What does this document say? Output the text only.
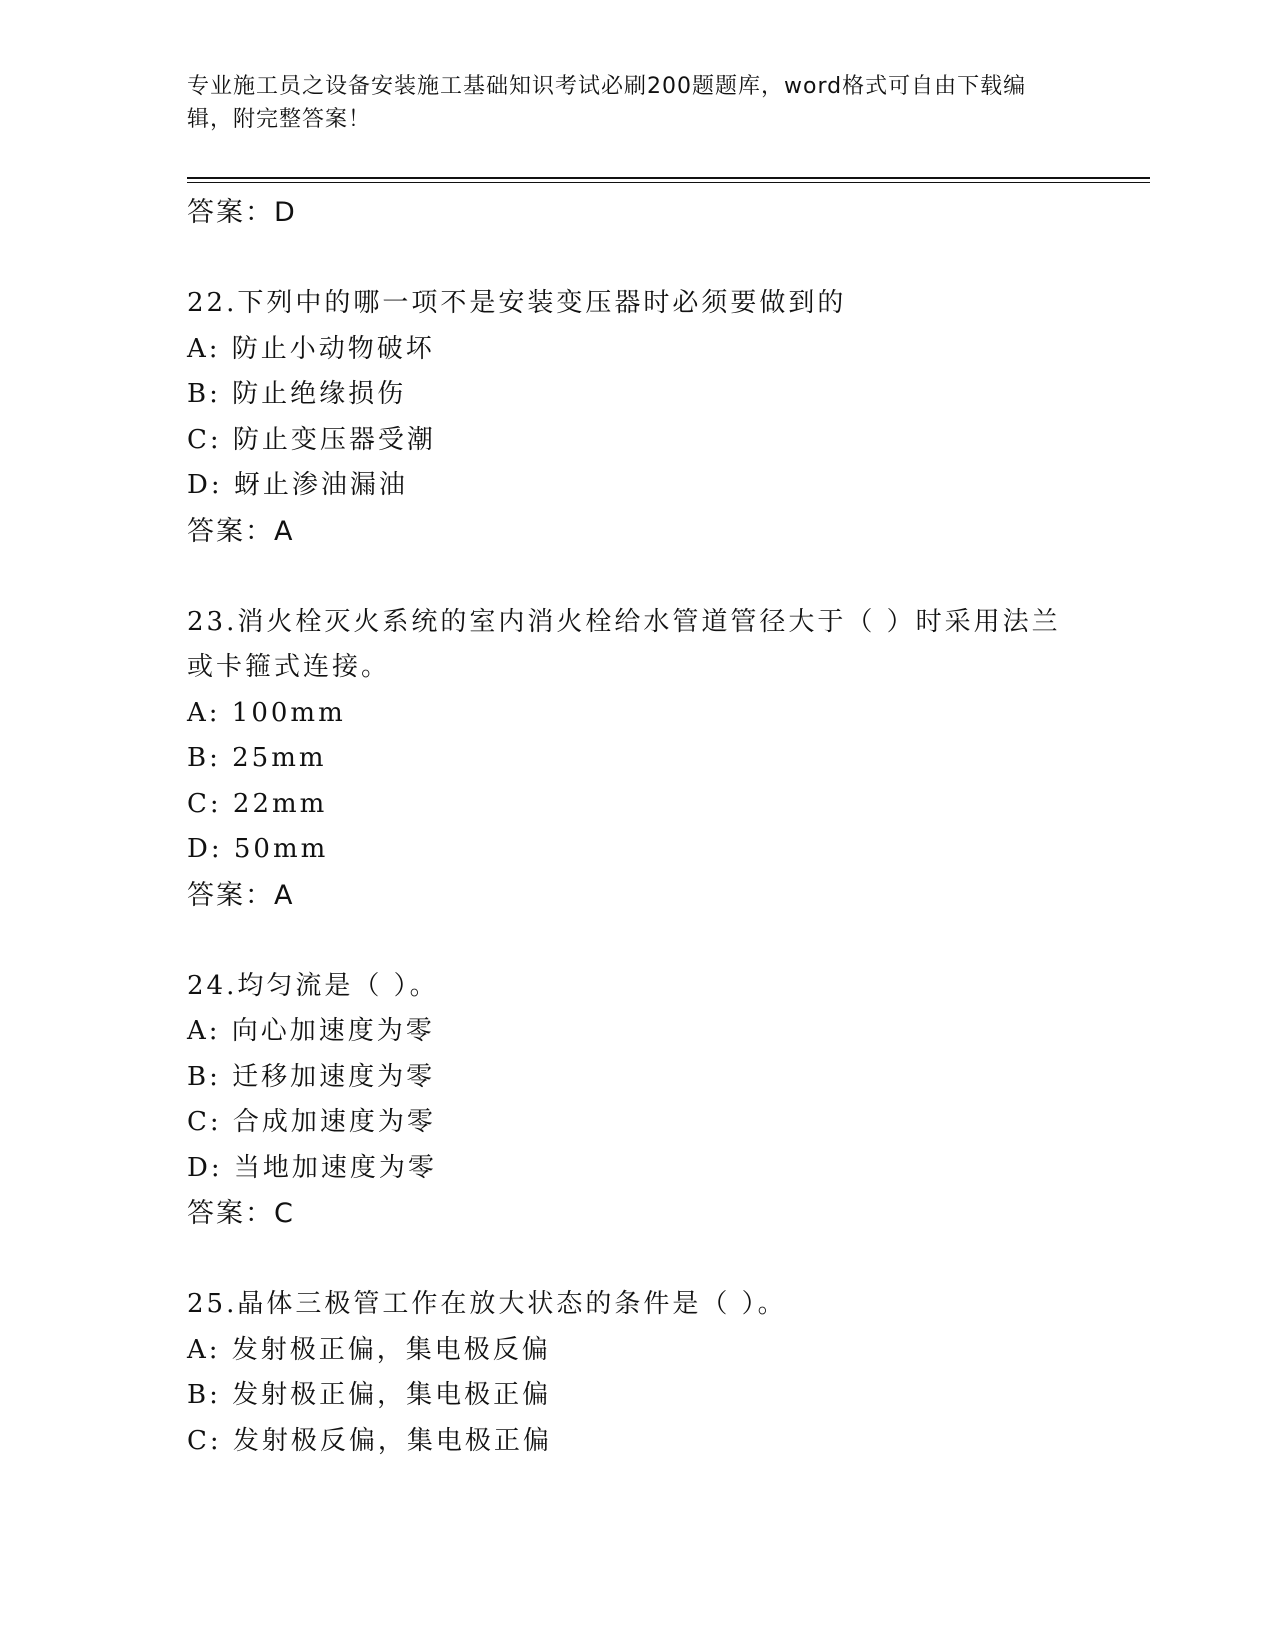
专业施工员之设备安装施工基础知识考试必刷200题题库，word格式可自由下载编辑，附完整答案！
答案：D
22.下列中的哪一项不是安装变压器时必须要做到的
A: 防止小动物破坏
B: 防止绝缘损伤
C: 防止变压器受潮
D: 蚜止渗油漏油
答案：A
23.消火栓灭火系统的室内消火栓给水管道管径大于（ ）时采用法兰或卡箍式连接。
A: 100mm
B: 25mm
C: 22mm
D: 50mm
答案：A
24.均匀流是（ ）。
A: 向心加速度为零
B: 迁移加速度为零
C: 合成加速度为零
D: 当地加速度为零
答案：C
25.晶体三极管工作在放大状态的条件是（ ）。
A: 发射极正偏，集电极反偏
B: 发射极正偏，集电极正偏
C: 发射极反偏，集电极正偏
